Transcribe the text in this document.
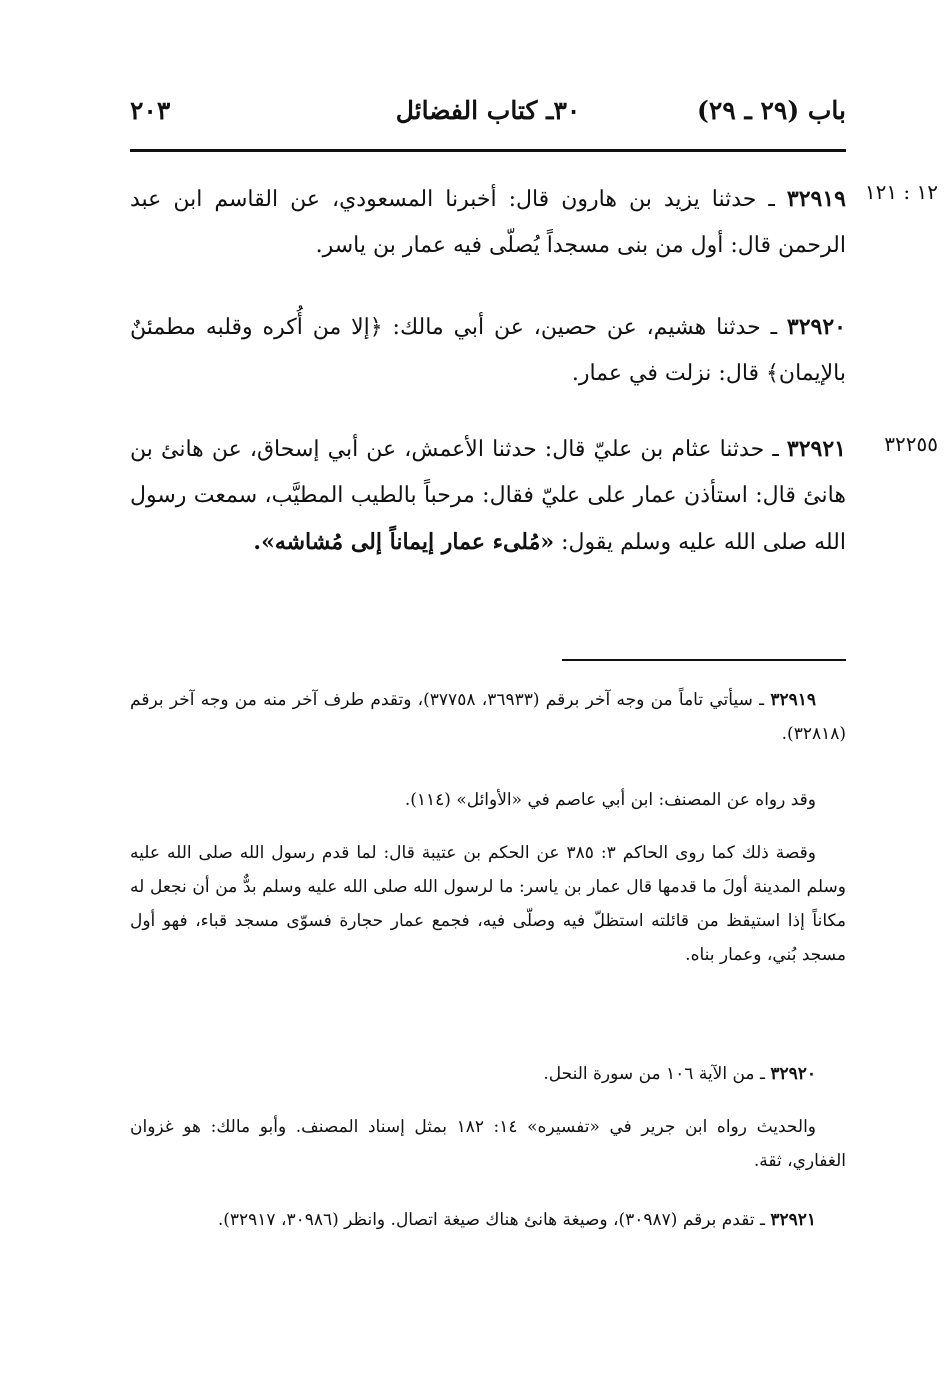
باب (٢٩ ـ ٢٩)
٣٠ـ كتاب الفضائل
٢٠٣
١٢ : ١٢١
٣٢٢٥٥
٣٢٩١٩ ـ حدثنا يزيد بن هارون قال: أخبرنا المسعودي، عن القاسم ابن عبد الرحمن قال: أول من بنى مسجداً يُصلّى فيه عمار بن ياسر.
٣٢٩٢٠ ـ حدثنا هشيم، عن حصين، عن أبي مالك: ﴿إلا من أُكره وقلبه مطمئنٌ بالإيمان﴾ قال: نزلت في عمار.
٣٢٩٢١ ـ حدثنا عثام بن عليّ قال: حدثنا الأعمش، عن أبي إسحاق، عن هانئ بن هانئ قال: استأذن عمار على عليّ فقال: مرحباً بالطيب المطيَّب، سمعت رسول الله صلى الله عليه وسلم يقول: «مُلىء عمار إيماناً إلى مُشاشه».
٣٢٩١٩ ـ سيأتي تاماً من وجه آخر برقم (٣٦٩٣٣، ٣٧٧٥٨)، وتقدم طرف آخر منه من وجه آخر برقم (٣٢٨١٨).
وقد رواه عن المصنف: ابن أبي عاصم في «الأوائل» (١١٤).
وقصة ذلك كما روى الحاكم ٣: ٣٨٥ عن الحكم بن عتيبة قال: لما قدم رسول الله صلى الله عليه وسلم المدينة أولَ ما قدمها قال عمار بن ياسر: ما لرسول الله صلى الله عليه وسلم بدٌّ من أن نجعل له مكاناً إذا استيقظ من قائلته استظلّ فيه وصلّى فيه، فجمع عمار حجارة فسوّى مسجد قباء، فهو أول مسجد بُني، وعمار بناه.
٣٢٩٢٠ ـ من الآية ١٠٦ من سورة النحل.
والحديث رواه ابن جرير في «تفسيره» ١٤: ١٨٢ بمثل إسناد المصنف. وأبو مالك: هو غزوان الغفاري، ثقة.
٣٢٩٢١ ـ تقدم برقم (٣٠٩٨٧)، وصيغة هانئ هناك صيغة اتصال. وانظر (٣٠٩٨٦، ٣٢٩١٧).
